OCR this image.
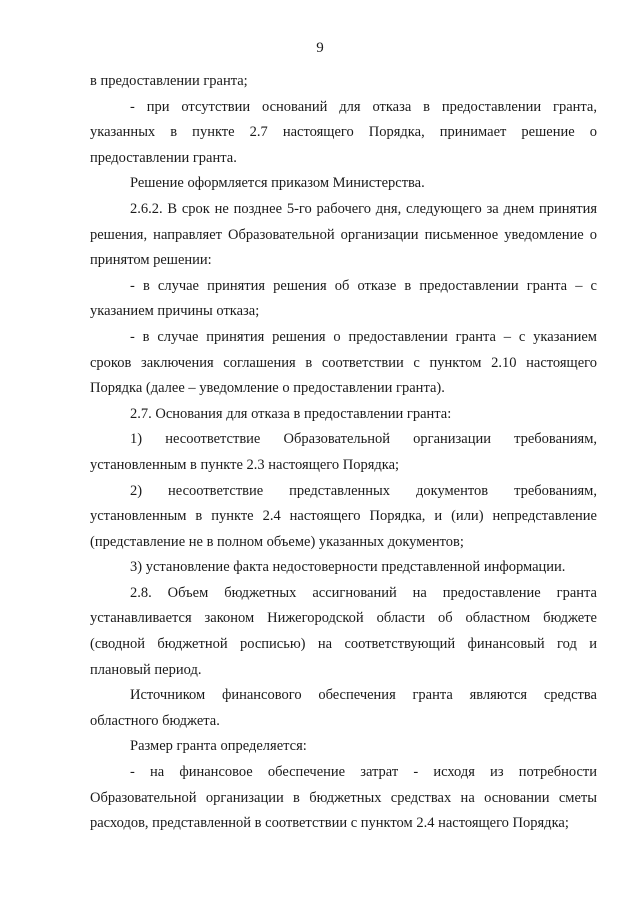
9

в предоставлении гранта;

- при отсутствии оснований для отказа в предоставлении гранта, указанных в пункте 2.7 настоящего Порядка, принимает решение о предоставлении гранта.

Решение оформляется приказом Министерства.

2.6.2. В срок не позднее 5-го рабочего дня, следующего за днем принятия решения, направляет Образовательной организации письменное уведомление о принятом решении:

- в случае принятия решения об отказе в предоставлении гранта – с указанием причины отказа;

- в случае принятия решения о предоставлении гранта – с указанием сроков заключения соглашения в соответствии с пунктом 2.10 настоящего Порядка (далее – уведомление о предоставлении гранта).

2.7. Основания для отказа в предоставлении гранта:

1) несоответствие Образовательной организации требованиям, установленным в пункте 2.3 настоящего Порядка;

2) несоответствие представленных документов требованиям, установленным в пункте 2.4 настоящего Порядка, и (или) непредставление (представление не в полном объеме) указанных документов;

3) установление факта недостоверности представленной информации.

2.8. Объем бюджетных ассигнований на предоставление гранта устанавливается законом Нижегородской области об областном бюджете (сводной бюджетной росписью) на соответствующий финансовый год и плановый период.

Источником финансового обеспечения гранта являются средства областного бюджета.

Размер гранта определяется:

- на финансовое обеспечение затрат - исходя из потребности Образовательной организации в бюджетных средствах на основании сметы расходов, представленной в соответствии с пунктом 2.4 настоящего Порядка;
